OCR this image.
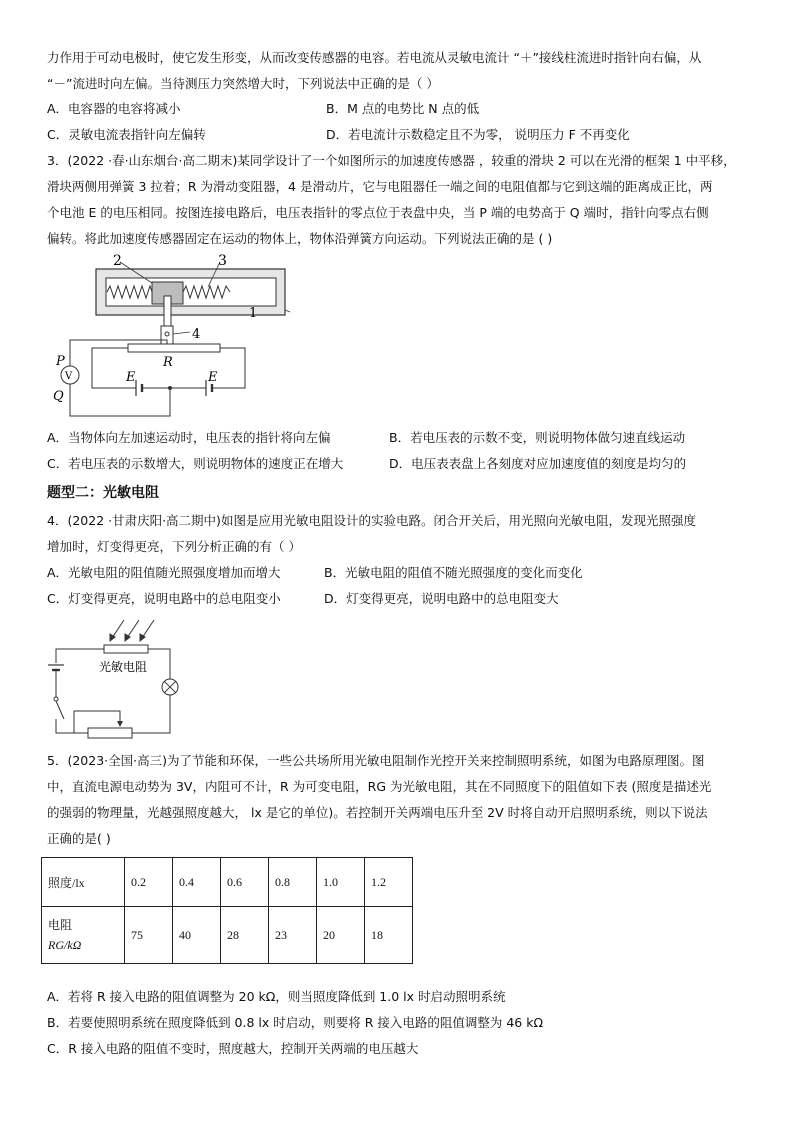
力作用于可动电极时，使它发生形变，从而改变传感器的电容。若电流从灵敏电流计 “＋”接线柱流进时指针向右偏，从
“－”流进时向左偏。当待测压力突然增大时，下列说法中正确的是（ ）
A．电容器的电容将减小	B．M 点的电势比 N 点的低
C．灵敏电流表指针向左偏转	D．若电流计示数稳定且不为零， 说明压力 F 不再变化
3．(2022 ·春·山东烟台·高二期末)某同学设计了一个如图所示的加速度传感器 ，较重的滑块 2 可以在光滑的框架 1 中平移，
滑块两侧用弹簧 3 拉着；R 为滑动变阻器，4 是滑动片，它与电阻器任一端之间的电阻值都与它到这端的距离成正比，两
个电池 E 的电压相同。按图连接电路后，电压表指针的零点位于表盘中央，当 P 端的电势高于 Q 端时，指针向零点右侧
偏转。将此加速度传感器固定在运动的物体上，物体沿弹簧方向运动。下列说法正确的是 ( )
2	3
1
4
R
P
Q
V	E	E
A．当物体向左加速运动时，电压表的指针将向左偏	B．若电压表的示数不变，则说明物体做匀速直线运动
C．若电压表的示数增大，则说明物体的速度正在增大	D．电压表表盘上各刻度对应加速度值的刻度是均匀的
题型二：光敏电阻
4．(2022 ·甘肃庆阳·高二期中)如图是应用光敏电阻设计的实验电路。闭合开关后，用光照向光敏电阻，发现光照强度
增加时，灯变得更亮，下列分析正确的有（ ）
A．光敏电阻的阻值随光照强度增加而增大	B．光敏电阻的阻值不随光照强度的变化而变化
C．灯变得更亮，说明电路中的总电阻变小	D．灯变得更亮，说明电路中的总电阻变大
光敏电阻
5．(2023·全国·高三)为了节能和环保，一些公共场所用光敏电阻制作光控开关来控制照明系统，如图为电路原理图。图
中，直流电源电动势为 3V，内阻可不计，R 为可变电阻，RG 为光敏电阻，其在不同照度下的阻值如下表 (照度是描述光
的强弱的物理量，光越强照度越大， lx 是它的单位)。若控制开关两端电压升至 2V 时将自动开启照明系统，则以下说法
正确的是( )
照度/lx	0.2	0.4	0.6	0.8	1.0	1.2

电阻
RG/kΩ	75	40	28	23	20	18
A．若将 R 接入电路的阻值调整为 20 kΩ，则当照度降低到 1.0 lx 时启动照明系统
B．若要使照明系统在照度降低到 0.8 lx 时启动，则要将 R 接入电路的阻值调整为 46 kΩ
C．R 接入电路的阻值不变时，照度越大，控制开关两端的电压越大
